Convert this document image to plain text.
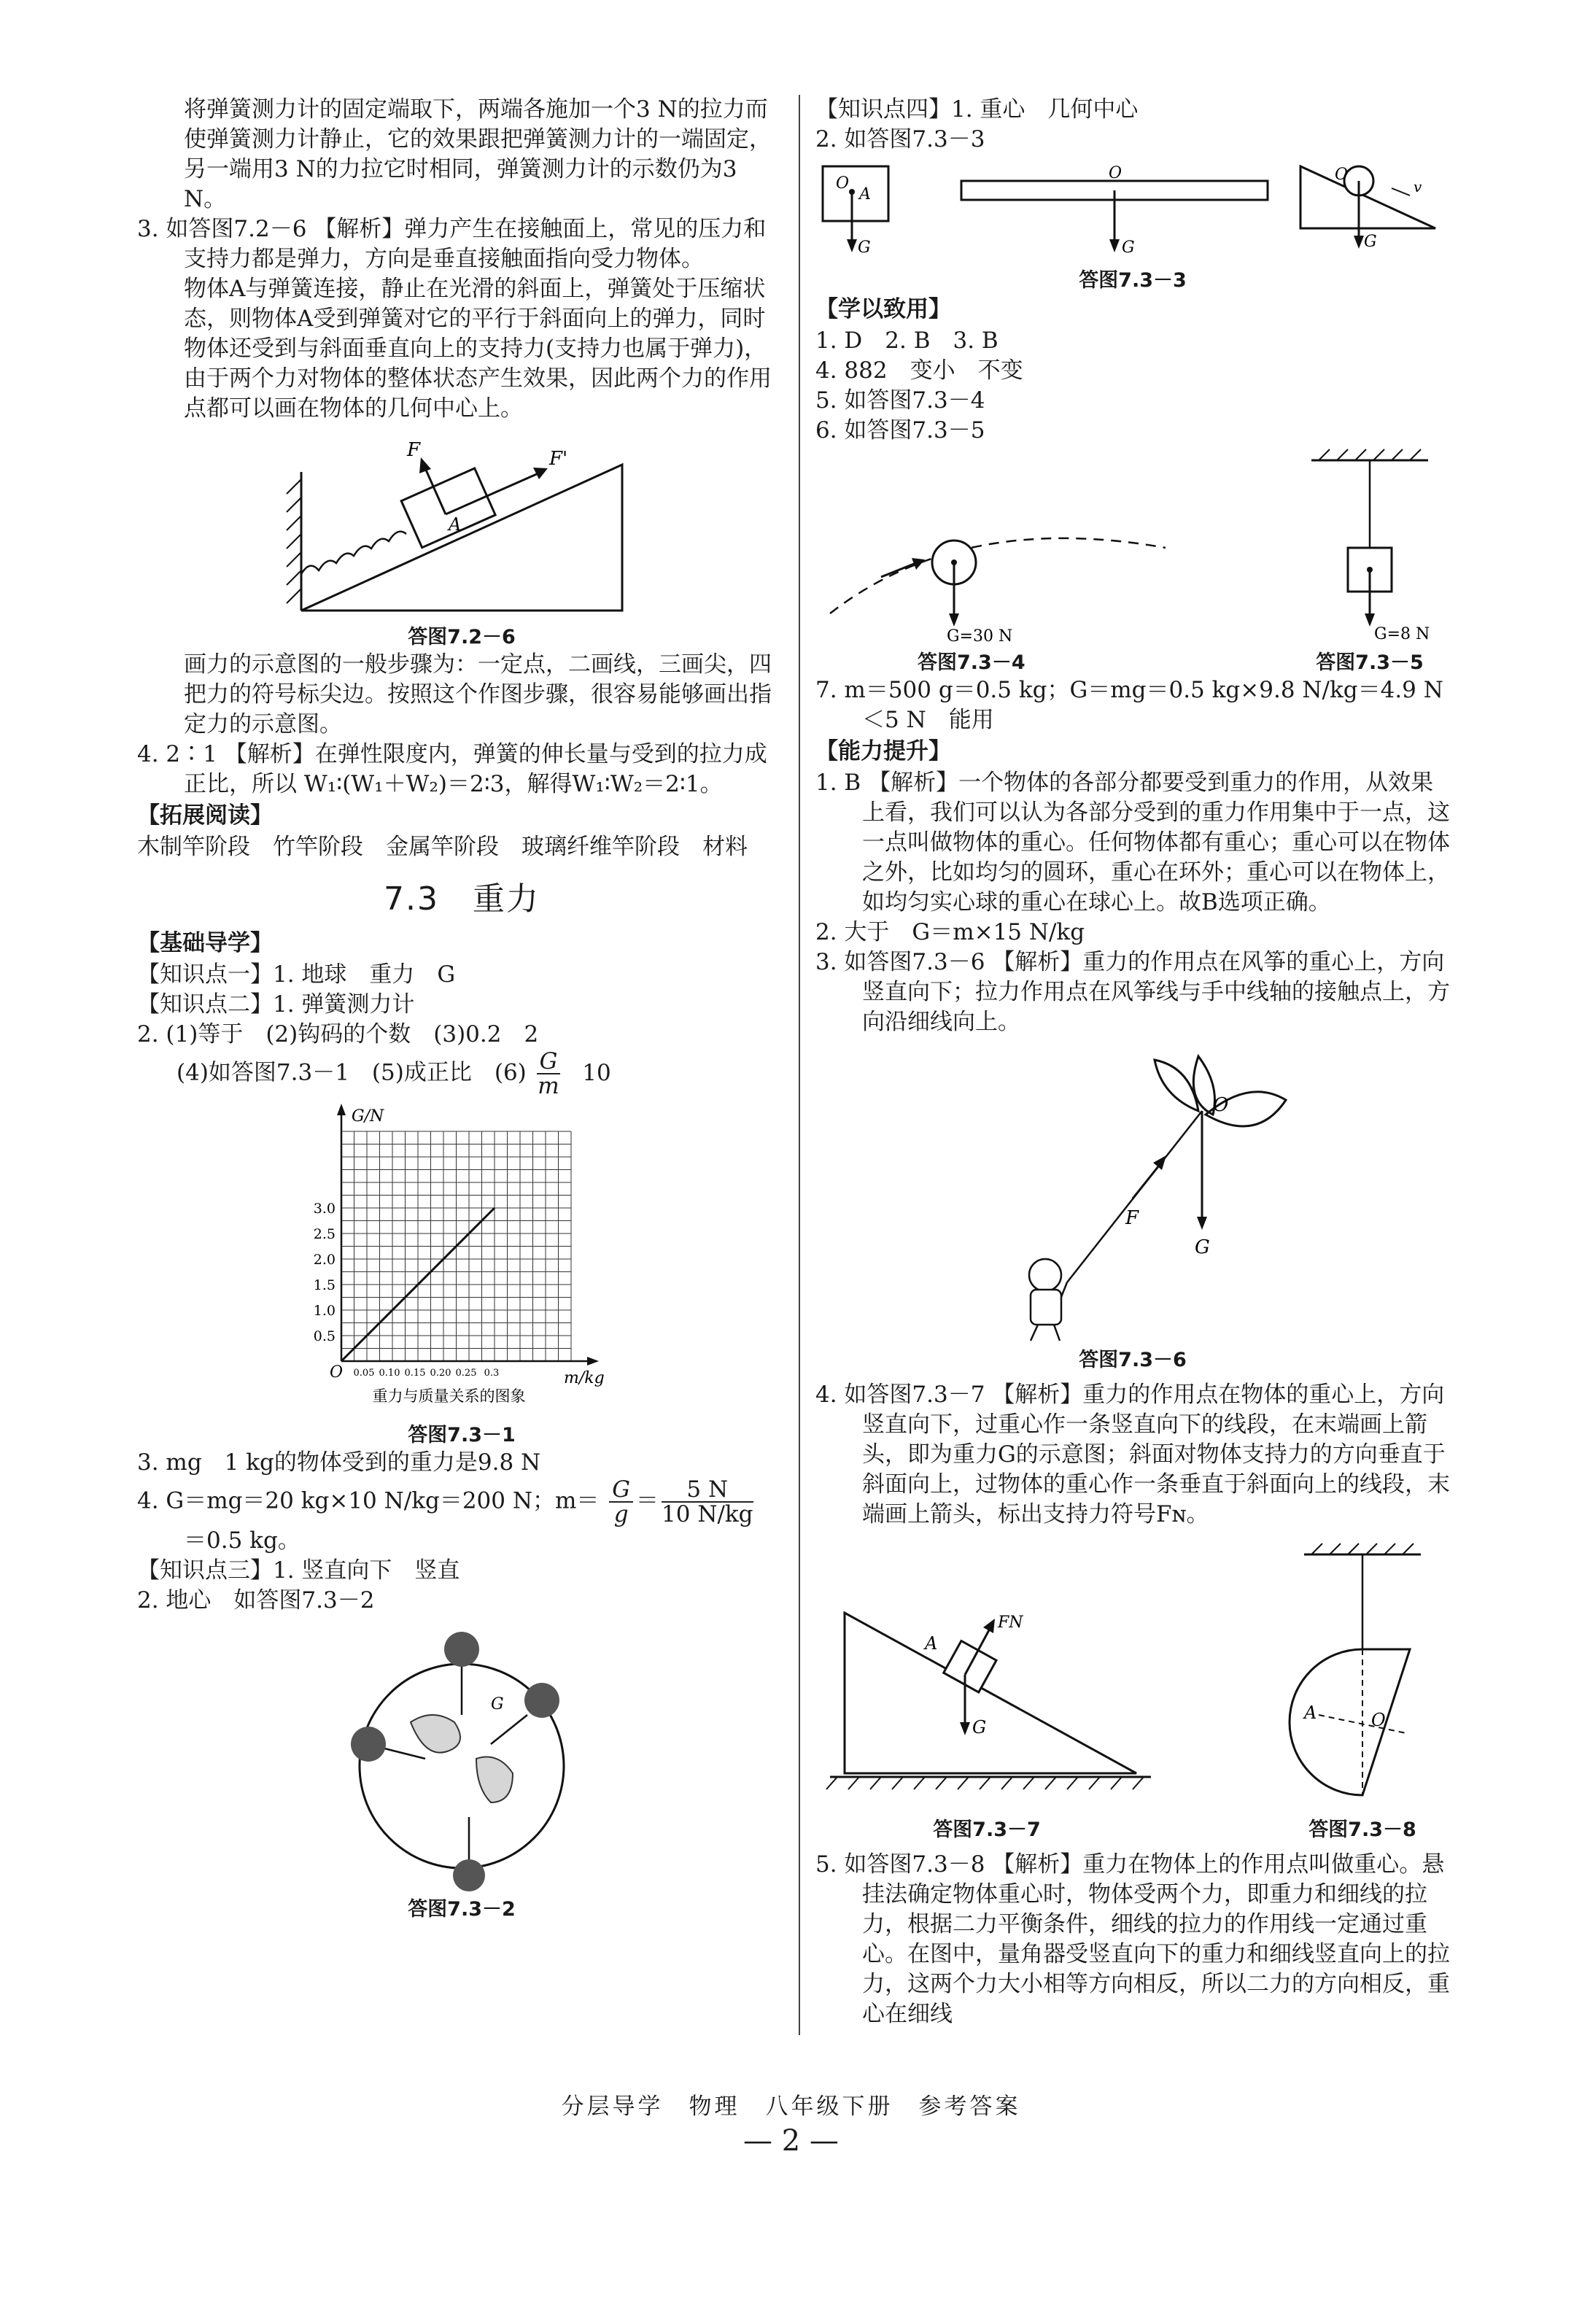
将弹簧测力计的固定端取下，两端各施加一个3 N的拉力而使弹簧测力计静止，它的效果跟把弹簧测力计的一端固定，另一端用3 N的力拉它时相同，弹簧测力计的示数仍为3 N。

3. 如答图7.2－6 【解析】弹力产生在接触面上，常见的压力和支持力都是弹力，方向是垂直接触面指向受力物体。

物体A与弹簧连接，静止在光滑的斜面上，弹簧处于压缩状态，则物体A受到弹簧对它的平行于斜面向上的弹力，同时物体还受到与斜面垂直向上的支持力(支持力也属于弹力)，由于两个力对物体的整体状态产生效果，因此两个力的作用点都可以画在物体的几何中心上。

F	F'
A
答图7.2－6

画力的示意图的一般步骤为：一定点，二画线，三画尖，四把力的符号标尖边。按照这个作图步骤，很容易能够画出指定力的示意图。

4. 2∶1 【解析】在弹性限度内，弹簧的伸长量与受到的拉力成正比，所以 W₁∶(W₁＋W₂)＝2∶3，解得W₁∶W₂＝2∶1。

【拓展阅读】

木制竿阶段　竹竿阶段　金属竿阶段　玻璃纤维竿阶段　材料

7.3　重力

【基础导学】

【知识点一】1. 地球　重力　G

【知识点二】1. 弹簧测力计

2. (1)等于　(2)钩码的个数　(3)0.2　2

(4)如答图7.3－1　(5)成正比　$(6) \frac{G}{m} 10$

0.5
1.0
1.5
2.0
2.5
3.0
0.05 0.10 0.15 0.20 0.25 0.3
O
G/N
m/kg
重力与质量关系的图象
答图7.3－1

3. mg　1 kg的物体受到的重力是9.8 N

4. G＝mg＝20 kg×10 N/kg＝200 N；$m= \frac{G}{g} = \frac{5 N}{10 N/kg}$

＝0.5 kg。

【知识点三】1. 竖直向下　竖直

2. 地心　如答图7.3－2

G
答图7.3－2

【知识点四】1. 重心　几何中心

2. 如答图7.3－3

O
A
G
O
G
O
G
v
答图7.3－3

【学以致用】

1. D　2. B　3. B

4. 882　变小　不变

5. 如答图7.3－4

6. 如答图7.3－5

G=30 N
答图7.3－4
G=8 N
答图7.3－5

7. m＝500 g＝0.5 kg；G＝mg＝0.5 kg×9.8 N/kg＝4.9 N＜5 N　能用

【能力提升】

1. B 【解析】一个物体的各部分都要受到重力的作用，从效果上看，我们可以认为各部分受到的重力作用集中于一点，这一点叫做物体的重心。任何物体都有重心；重心可以在物体之外，比如均匀的圆环，重心在环外；重心可以在物体上，如均匀实心球的重心在球心上。故B选项正确。

2. 大于　G＝m×15 N/kg

3. 如答图7.3－6 【解析】重力的作用点在风筝的重心上，方向竖直向下；拉力作用点在风筝线与手中线轴的接触点上，方向沿细线向上。

O
F
G
答图7.3－6

4. 如答图7.3－7 【解析】重力的作用点在物体的重心上，方向竖直向下，过重心作一条竖直向下的线段，在末端画上箭头，即为重力G的示意图；斜面对物体支持力的方向垂直于斜面向上，过物体的重心作一条垂直于斜面向上的线段，末端画上箭头，标出支持力符号Fɴ。

A
FN
G
答图7.3－7
A	O
答图7.3－8

5. 如答图7.3－8 【解析】重力在物体上的作用点叫做重心。悬挂法确定物体重心时，物体受两个力，即重力和细线的拉力，根据二力平衡条件，细线的拉力的作用线一定通过重心。在图中，量角器受竖直向下的重力和细线竖直向上的拉力，这两个力大小相等方向相反，所以二力的方向相反，重心在细线

分层导学　物理　八年级下册　参考答案
— 2 —
